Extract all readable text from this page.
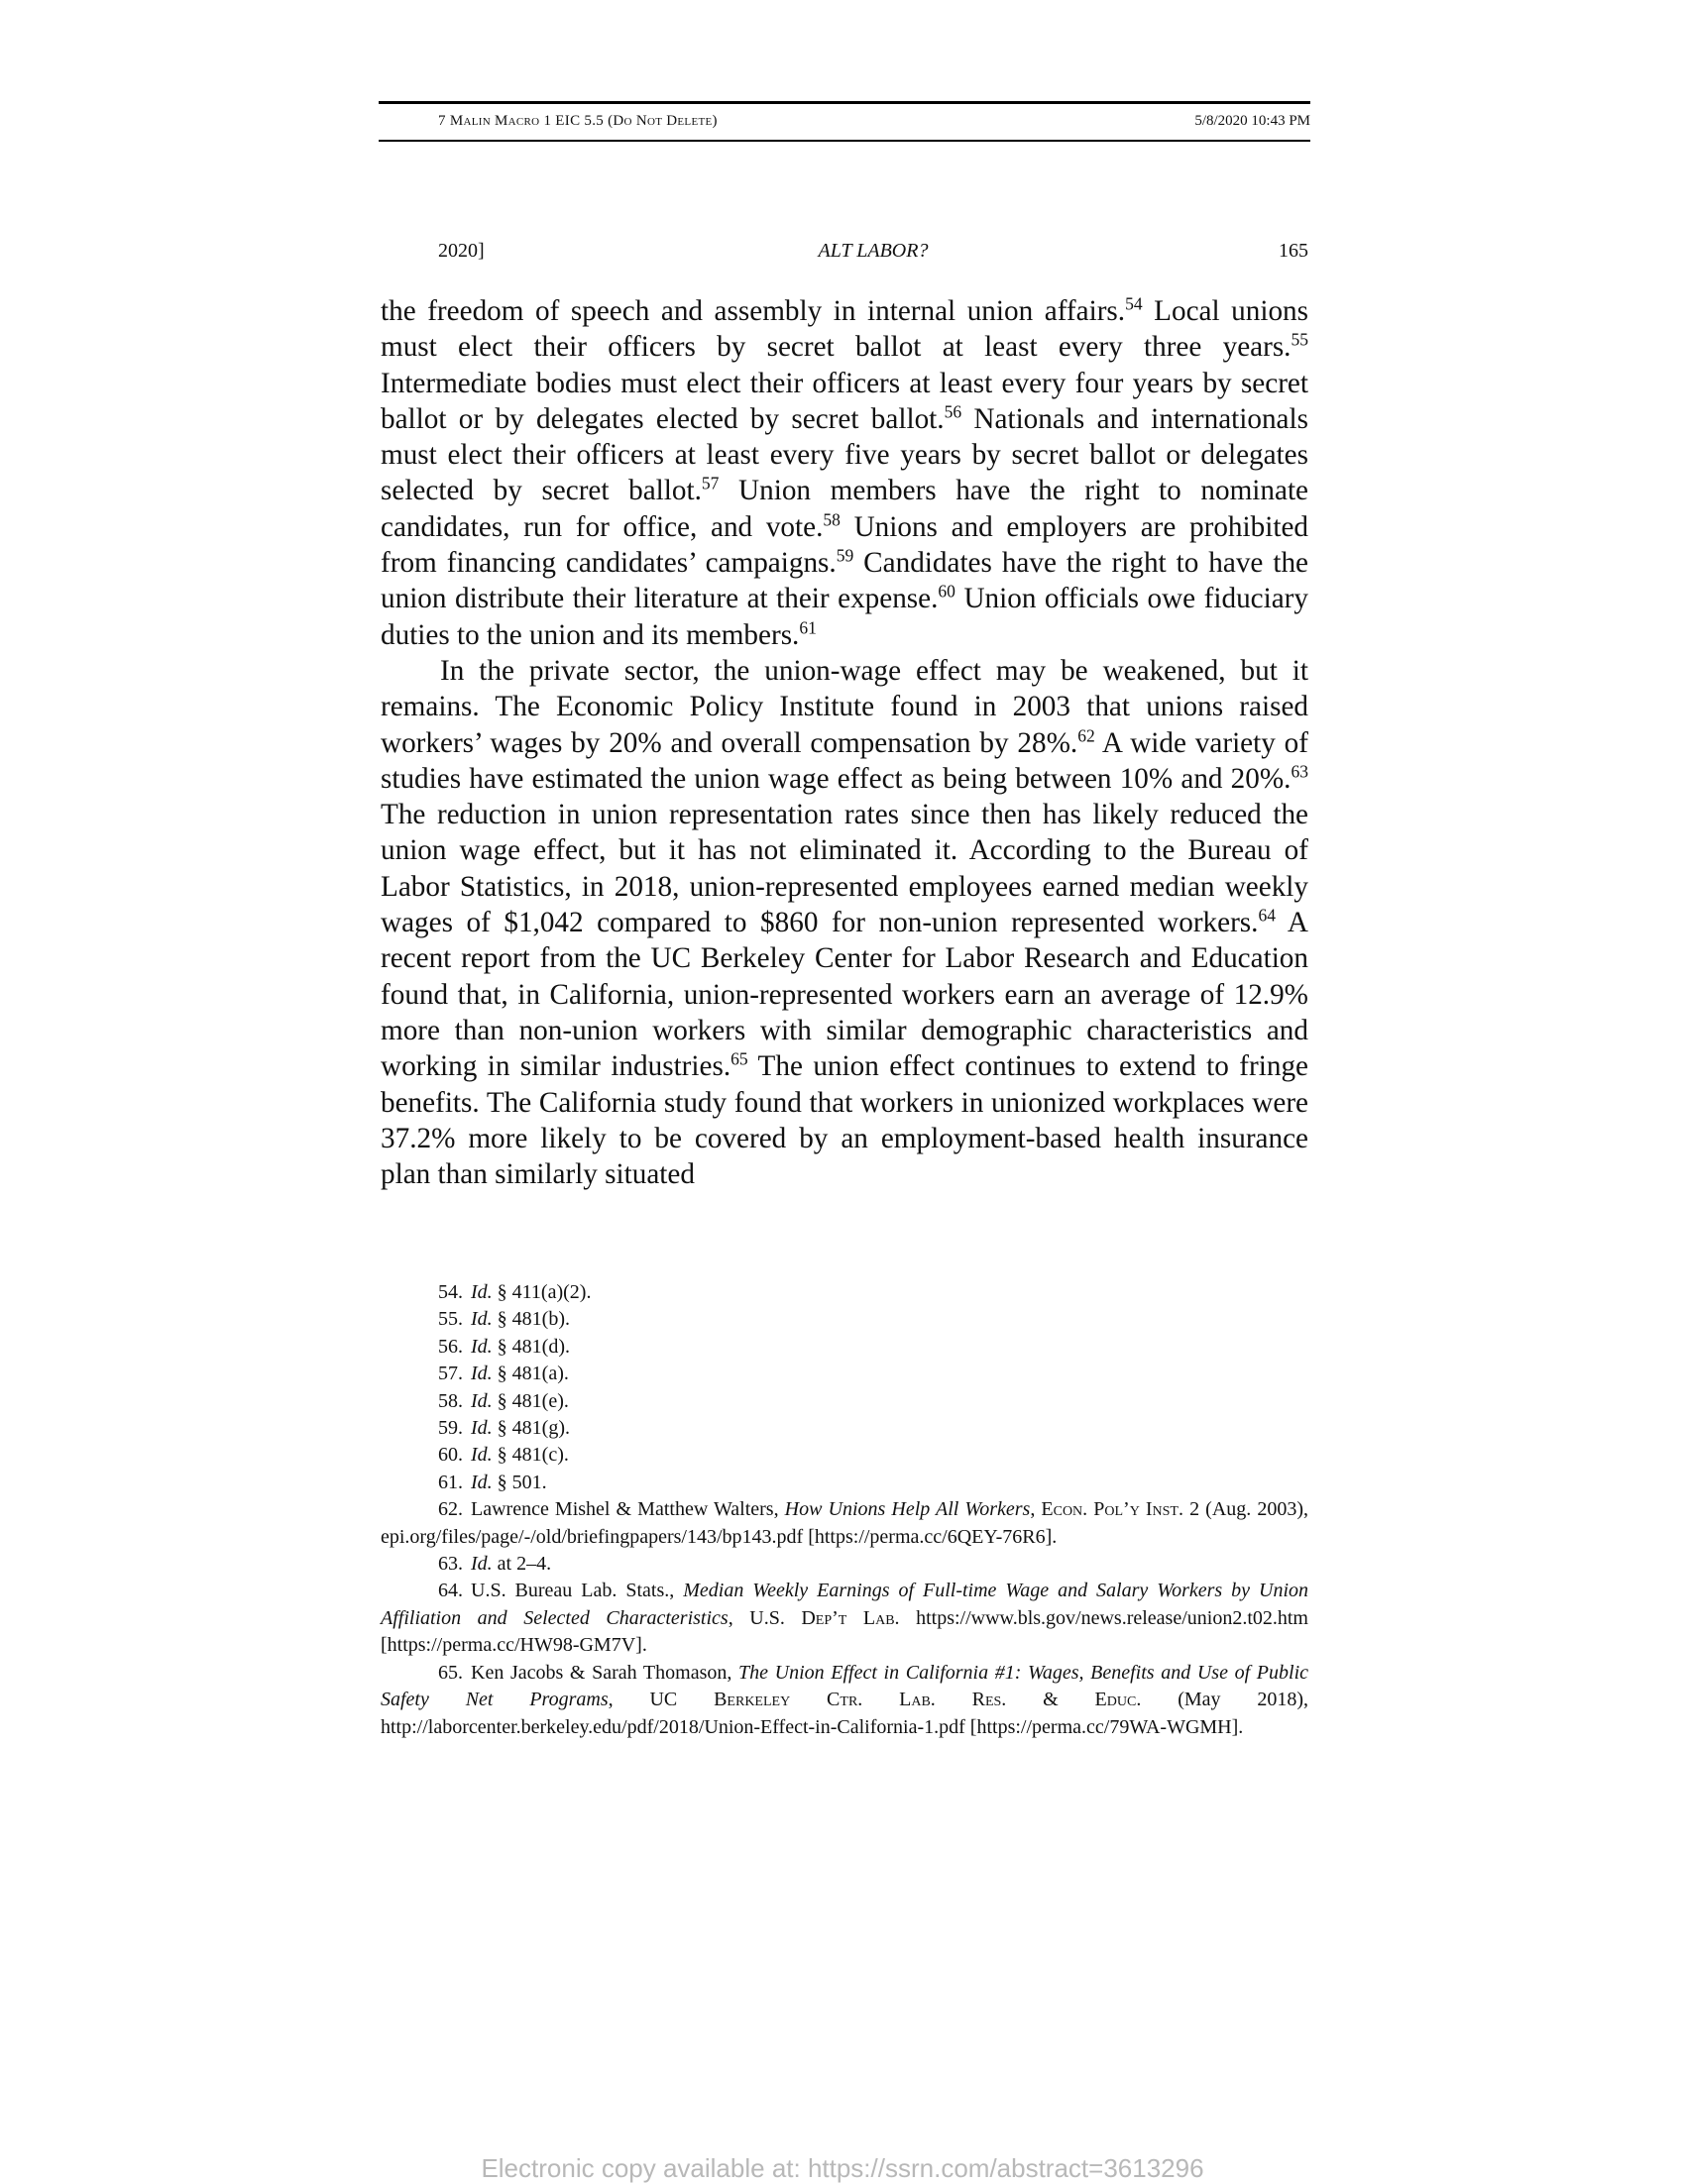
7 Malin Macro 1 EIC 5.5 (Do Not Delete)	5/8/2020 10:43 PM
2020]	ALT LABOR?	165

the freedom of speech and assembly in internal union affairs.$^{54}$ Local unions must elect their officers by secret ballot at least every three years.$^{55}$ Intermediate bodies must elect their officers at least every four years by secret ballot or by delegates elected by secret ballot.$^{56}$ Nationals and internationals must elect their officers at least every five years by secret ballot or delegates selected by secret ballot.$^{57}$ Union members have the right to nominate candidates, run for office, and vote.$^{58}$ Unions and employers are prohibited from financing candidates’ campaigns.$^{59}$ Candidates have the right to have the union distribute their literature at their expense.$^{60}$ Union officials owe fiduciary duties to the union and its members.$^{61}$

In the private sector, the union-wage effect may be weakened, but it remains. The Economic Policy Institute found in 2003 that unions raised workers’ wages by 20% and overall compensation by 28%.$^{62}$ A wide variety of studies have estimated the union wage effect as being between 10% and 20%.$^{63}$ The reduction in union representation rates since then has likely reduced the union wage effect, but it has not eliminated it. According to the Bureau of Labor Statistics, in 2018, union-represented employees earned median weekly wages of $1,042 compared to $860 for non-union represented workers.$^{64}$ A recent report from the UC Berkeley Center for Labor Research and Education found that, in California, union-represented workers earn an average of 12.9% more than non-union workers with similar demographic characteristics and working in similar industries.$^{65}$ The union effect continues to extend to fringe benefits. The California study found that workers in unionized workplaces were 37.2% more likely to be covered by an employment-based health insurance plan than similarly situated

54. Id. § 411(a)(2).

55. Id. § 481(b).

56. Id. § 481(d).

57. Id. § 481(a).

58. Id. § 481(e).

59. Id. § 481(g).

60. Id. § 481(c).

61. Id. § 501.

62. Lawrence Mishel & Matthew Walters, How Unions Help All Workers, Econ. Pol’y Inst. 2 (Aug. 2003), epi.org/files/page/-/old/briefingpapers/143/bp143.pdf [https://perma.cc/6QEY-76R6].

63. Id. at 2–4.

64. U.S. Bureau Lab. Stats., Median Weekly Earnings of Full-time Wage and Salary Workers by Union Affiliation and Selected Characteristics, U.S. Dep’t Lab. https://www.bls.gov/news.release/union2.t02.htm [https://perma.cc/HW98-GM7V].

65. Ken Jacobs & Sarah Thomason, The Union Effect in California #1: Wages, Benefits and Use of Public Safety Net Programs, UC Berkeley Ctr. Lab. Res. & Educ. (May 2018), http://laborcenter.berkeley.edu/pdf/2018/Union-Effect-in-California-1.pdf [https://perma.cc/79WA-WGMH].

Electronic copy available at: https://ssrn.com/abstract=3613296
